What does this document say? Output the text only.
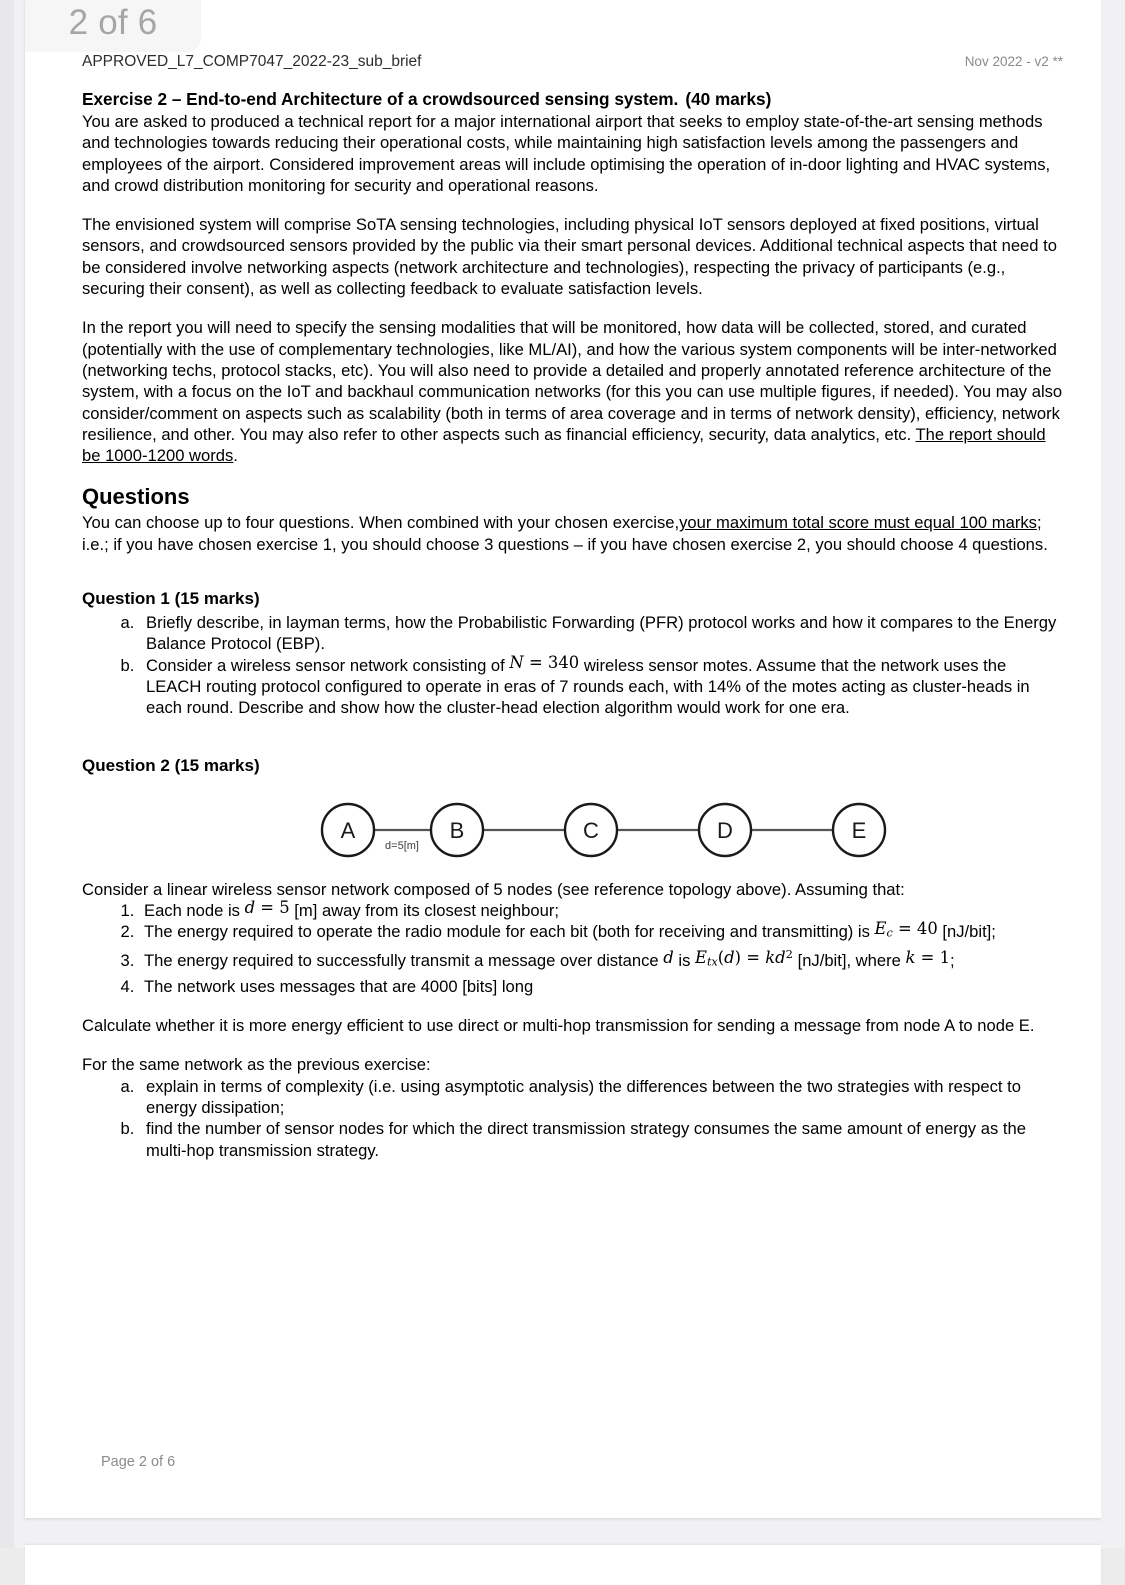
2 of 6
APPROVED_L7_COMP7047_2022-23_sub_brief	Nov 2022 - v2 **
Exercise 2 – End-to-end Architecture of a crowdsourced sensing system. (40 marks)

You are asked to produced a technical report for a major international airport that seeks to employ state-of-the-art sensing methods and technologies towards reducing their operational costs, while maintaining high satisfaction levels among the passengers and employees of the airport. Considered improvement areas will include optimising the operation of in-door lighting and HVAC systems, and crowd distribution monitoring for security and operational reasons.

The envisioned system will comprise SoTA sensing technologies, including physical IoT sensors deployed at fixed positions, virtual sensors, and crowdsourced sensors provided by the public via their smart personal devices. Additional technical aspects that need to be considered involve networking aspects (network architecture and technologies), respecting the privacy of participants (e.g., securing their consent), as well as collecting feedback to evaluate satisfaction levels.

In the report you will need to specify the sensing modalities that will be monitored, how data will be collected, stored, and curated (potentially with the use of complementary technologies, like ML/AI), and how the various system components will be inter-networked (networking techs, protocol stacks, etc). You will also need to provide a detailed and properly annotated reference architecture of the system, with a focus on the IoT and backhaul communication networks (for this you can use multiple figures, if needed). You may also consider/comment on aspects such as scalability (both in terms of area coverage and in terms of network density), efficiency, network resilience, and other. You may also refer to other aspects such as financial efficiency, security, data analytics, etc. The report should be 1000-1200 words.

Questions

You can choose up to four questions. When combined with your chosen exercise,your maximum total score must equal 100 marks; i.e.; if you have chosen exercise 1, you should choose 3 questions – if you have chosen exercise 2, you should choose 4 questions.

Question 1 (15 marks)
a. Briefly describe, in layman terms, how the Probabilistic Forwarding (PFR) protocol works and how it compares to the Energy Balance Protocol (EBP).
b. Consider a wireless sensor network consisting of N = 340 wireless sensor motes. Assume that the network uses the LEACH routing protocol configured to operate in eras of 7 rounds each, with 14% of the motes acting as cluster-heads in each round. Describe and show how the cluster-head election algorithm would work for one era.
Question 2 (15 marks)
A	B	C	D	E
d=5[m]

Consider a linear wireless sensor network composed of 5 nodes (see reference topology above). Assuming that:

1. Each node is d = 5 [m] away from its closest neighbour;
2. The energy required to operate the radio module for each bit (both for receiving and transmitting) is $E_c = 40$ [nJ/bit];
3. The energy required to successfully transmit a message over distance d is $E_{tx}(d) = kd^2$ [nJ/bit], where k = 1;
4. The network uses messages that are 4000 [bits] long

Calculate whether it is more energy efficient to use direct or multi-hop transmission for sending a message from node A to node E.

For the same network as the previous exercise:

a. explain in terms of complexity (i.e. using asymptotic analysis) the differences between the two strategies with respect to energy dissipation;
b. find the number of sensor nodes for which the direct transmission strategy consumes the same amount of energy as the multi-hop transmission strategy.
Page 2 of 6
